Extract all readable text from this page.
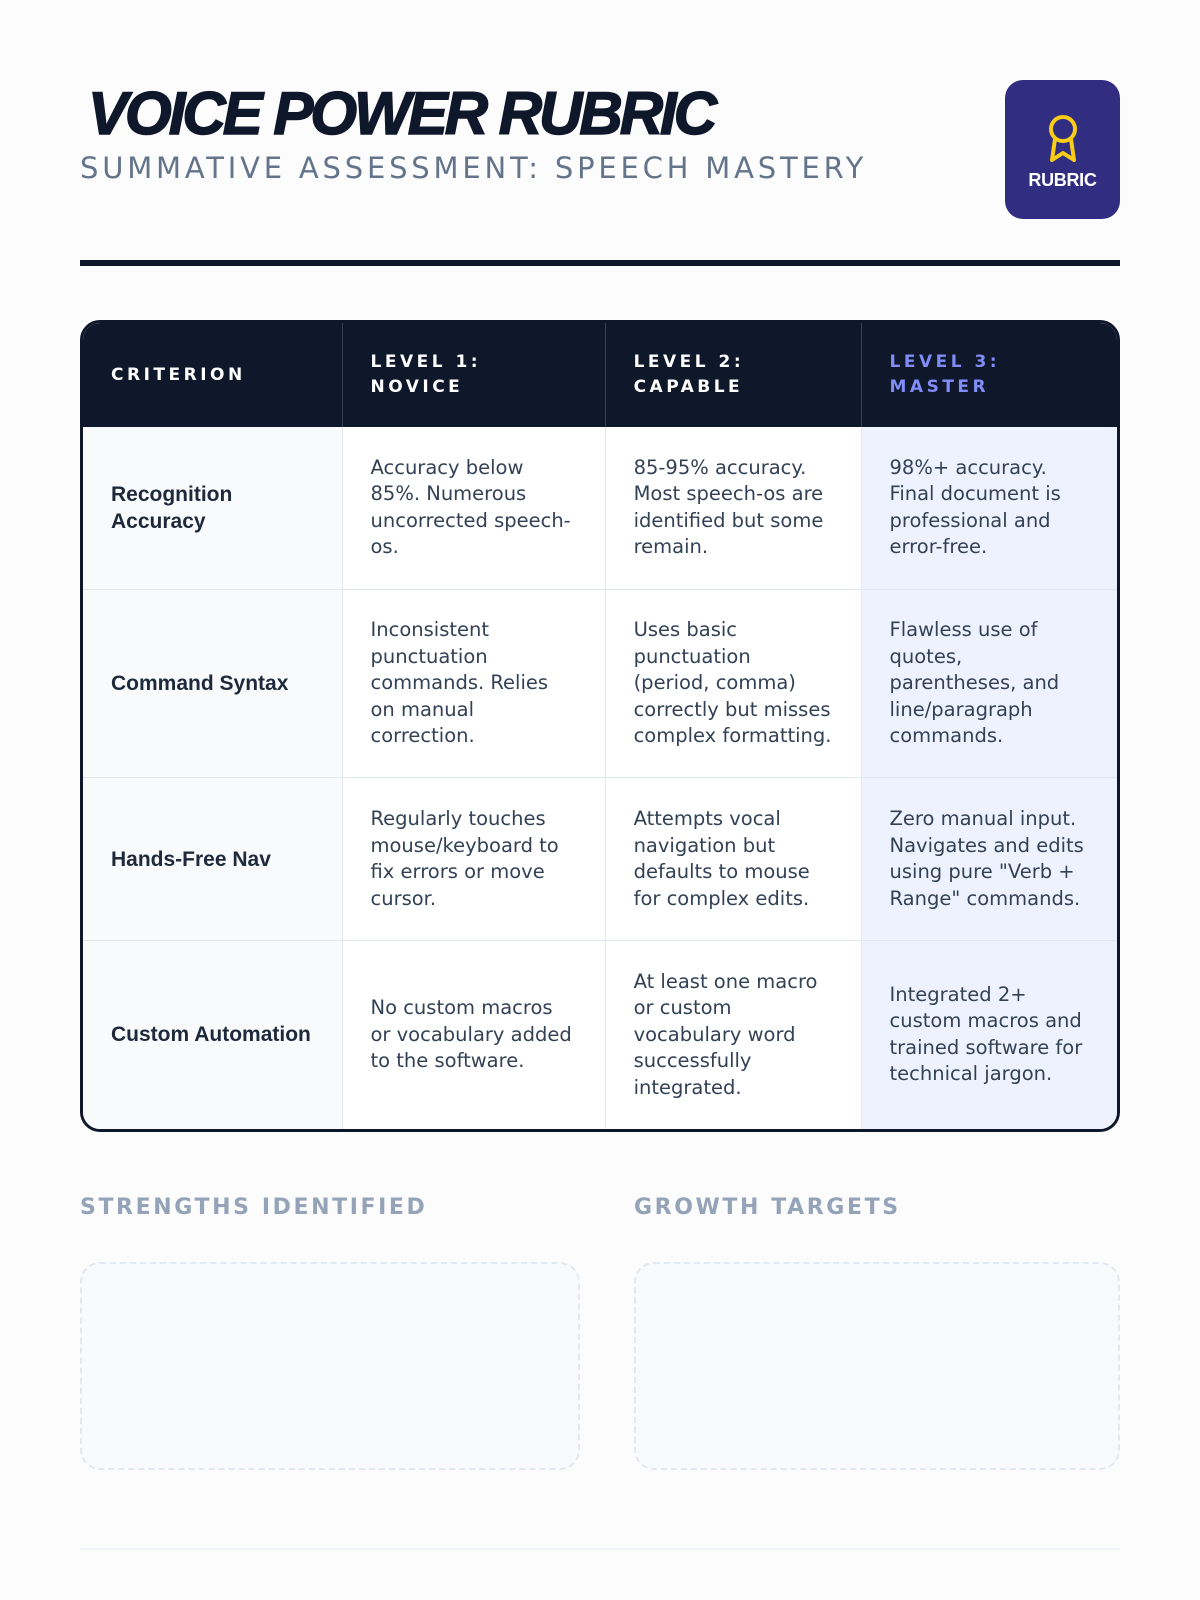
VOICE POWER RUBRIC
SUMMATIVE ASSESSMENT: SPEECH MASTERY	RUBRIC
CRITERION	LEVEL 1: NOVICE	LEVEL 2: CAPABLE	LEVEL 3: MASTER
Recognition Accuracy	Accuracy below 85%. Numerous uncorrected speech-os.	85-95% accuracy. Most speech-os are identified but some remain.	98%+ accuracy. Final document is professional and error-free.
Command Syntax	Inconsistent punctuation commands. Relies on manual correction.	Uses basic punctuation (period, comma) correctly but misses complex formatting.	Flawless use of quotes, parentheses, and line/paragraph commands.
Hands-Free Nav	Regularly touches mouse/keyboard to fix errors or move cursor.	Attempts vocal navigation but defaults to mouse for complex edits.	Zero manual input. Navigates and edits using pure "Verb + Range" commands.
Custom Automation	No custom macros or vocabulary added to the software.	At least one macro or custom vocabulary word successfully integrated.	Integrated 2+ custom macros and trained software for technical jargon.
STRENGTHS IDENTIFIED	GROWTH TARGETS
